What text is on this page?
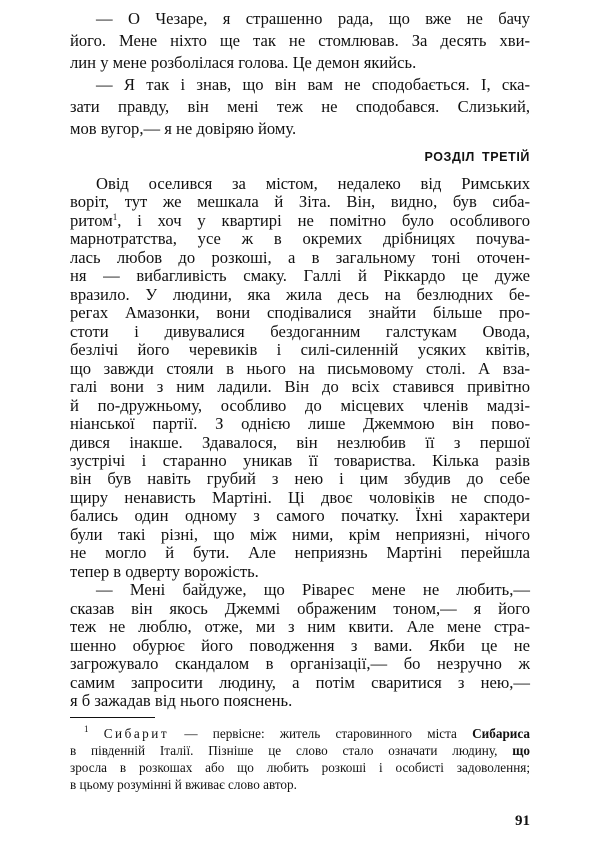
— О Чезаре, я страшенно рада, що вже не бачу
його. Мене ніхто ще так не стомлював. За десять хви-
лин у мене розболілася голова. Це демон якийсь.
— Я так і знав, що він вам не сподобається. І, ска-
зати правду, він мені теж не сподобався. Слизький,
мов вугор,— я не довіряю йому.
РОЗДІЛ ТРЕТІЙ
Овід оселився за містом, недалеко від Римських
воріт, тут же мешкала й Зіта. Він, видно, був сиба-
ритом$^1$, і хоч у квартирі не помітно було особливого
марнотратства, усе ж в окремих дрібницях почува-
лась любов до розкоші, а в загальному тоні оточен-
ня — вибагливість смаку. Галлі й Ріккардо це дуже
вразило. У людини, яка жила десь на безлюдних бе-
регах Амазонки, вони сподівалися знайти більше про-
стоти і дивувалися бездоганним галстукам Овода,
безлічі його черевиків і силі-силенній усяких квітів,
що завжди стояли в нього на письмовому столі. А вза-
галі вони з ним ладили. Він до всіх ставився привітно
й по-дружньому, особливо до місцевих членів мадзі-
ніанської партії. З однією лише Джеммою він пово-
дився інакше. Здавалося, він незлюбив її з першої
зустрічі і старанно уникав її товариства. Кілька разів
він був навіть грубий з нею і цим збудив до себе
щиру ненависть Мартіні. Ці двоє чоловіків не сподо-
бались один одному з самого початку. Їхні характери
були такі різні, що між ними, крім неприязні, нічого
не могло й бути. Але неприязнь Мартіні перейшла
тепер в одверту ворожість.
— Мені байдуже, що Ріварес мене не любить,—
сказав він якось Джеммі ображеним тоном,— я його
теж не люблю, отже, ми з ним квити. Але мене стра-
шенно обурює його поводження з вами. Якби це не
загрожувало скандалом в організації,— бо незручно ж
самим запросити людину, а потім сваритися з нею,—
я б зажадав від нього пояснень.
$^1$ Сибарит — первісне: житель старовинного міста Сибариса
в південній Італії. Пізніше це слово стало означати людину, що
зросла в розкошах або що любить розкоші і особисті задоволення;
в цьому розумінні й вживає слово автор.
91
